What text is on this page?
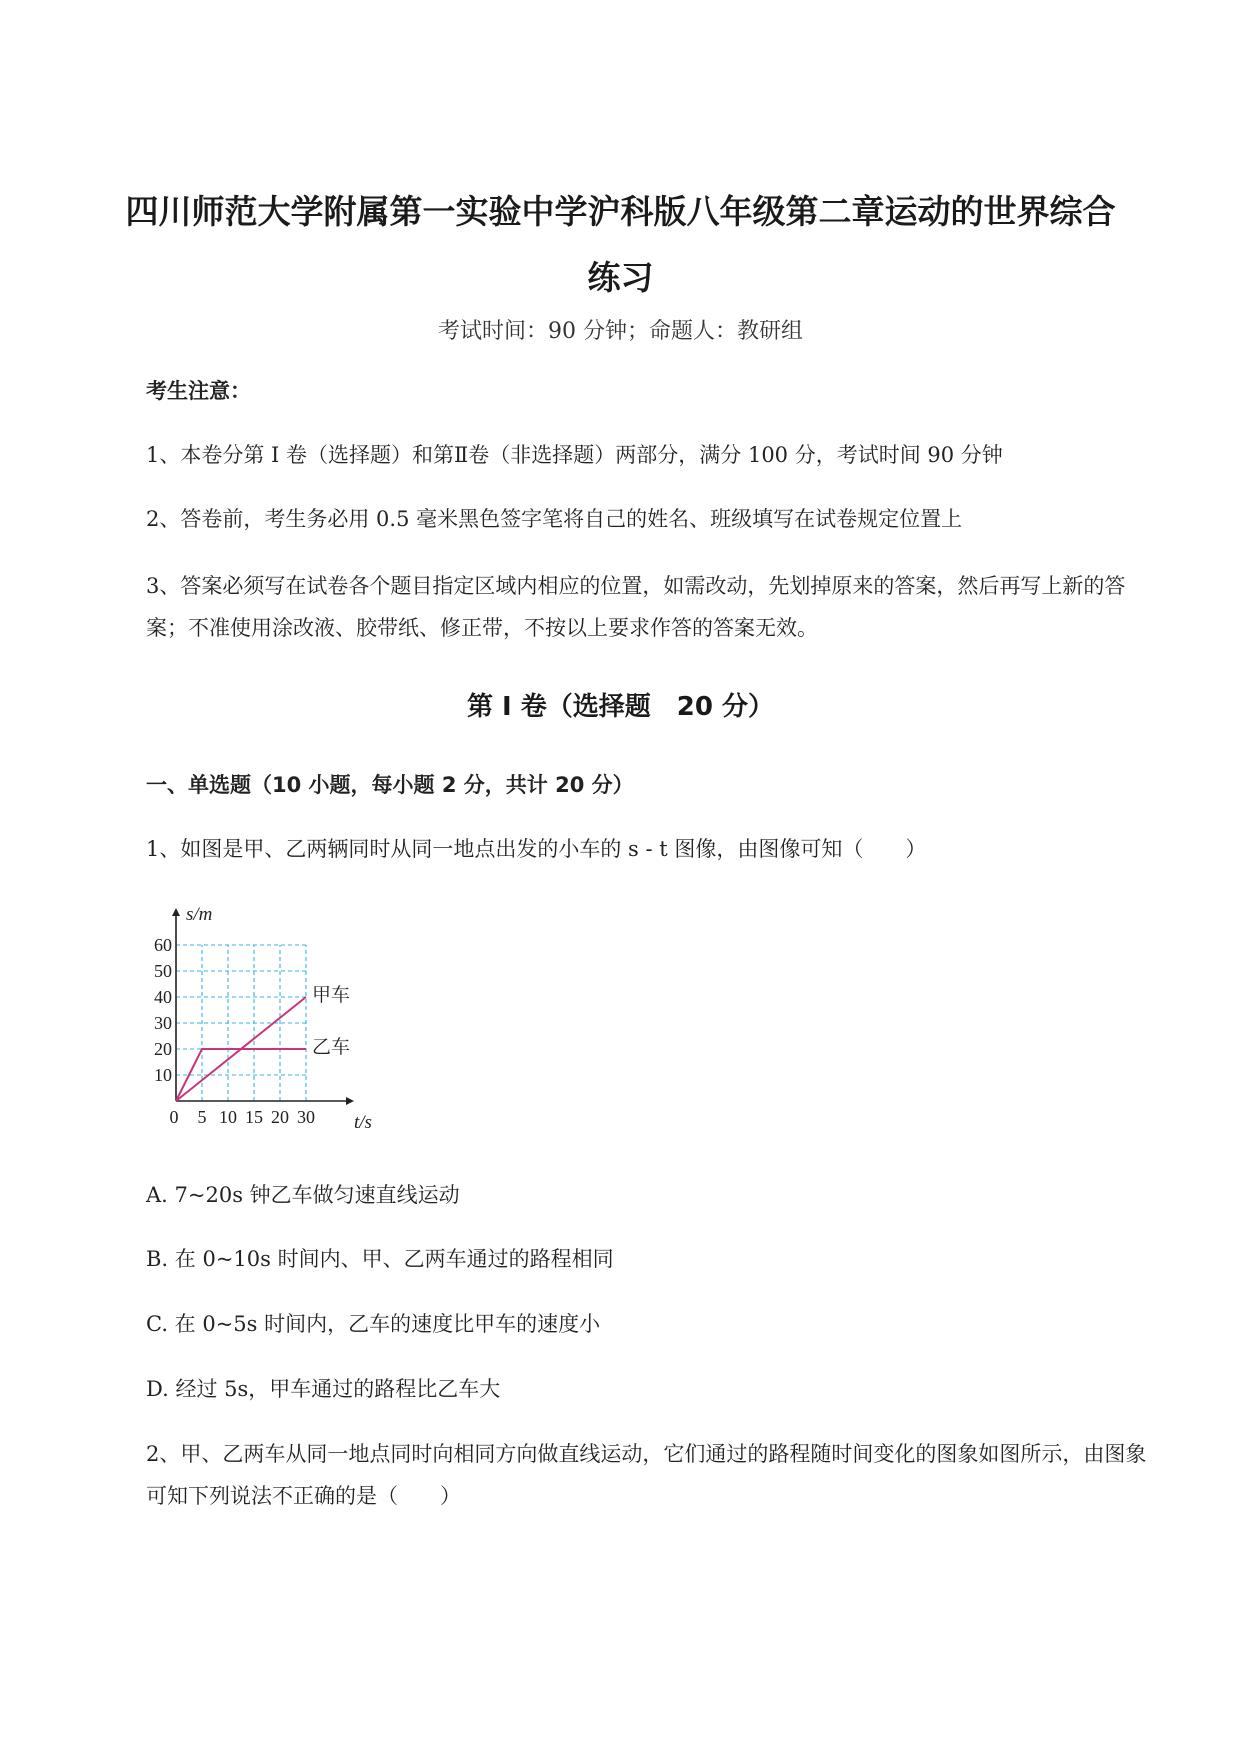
四川师范大学附属第一实验中学沪科版八年级第二章运动的世界综合
练习
考试时间：90 分钟；命题人：教研组
考生注意：
1、本卷分第 I 卷（选择题）和第Ⅱ卷（非选择题）两部分，满分 100 分，考试时间 90 分钟
2、答卷前，考生务必用 0.5 毫米黑色签字笔将自己的姓名、班级填写在试卷规定位置上
3、答案必须写在试卷各个题目指定区域内相应的位置，如需改动，先划掉原来的答案，然后再写上新的答案；不准使用涂改液、胶带纸、修正带，不按以上要求作答的答案无效。
第 I 卷（选择题　20 分）
一、单选题（10 小题，每小题 2 分，共计 20 分）
1、如图是甲、乙两辆同时从同一地点出发的小车的 s - t 图像，由图像可知（　　）
10
20
30
40
50
60
0 5 10 15 20 30
s/m
t/s
甲车
乙车
A. 7~20s 钟乙车做匀速直线运动
B. 在 0~10s 时间内、甲、乙两车通过的路程相同
C. 在 0~5s 时间内，乙车的速度比甲车的速度小
D. 经过 5s，甲车通过的路程比乙车大
2、甲、乙两车从同一地点同时向相同方向做直线运动，它们通过的路程随时间变化的图象如图所示，由图象可知下列说法不正确的是（　　）
